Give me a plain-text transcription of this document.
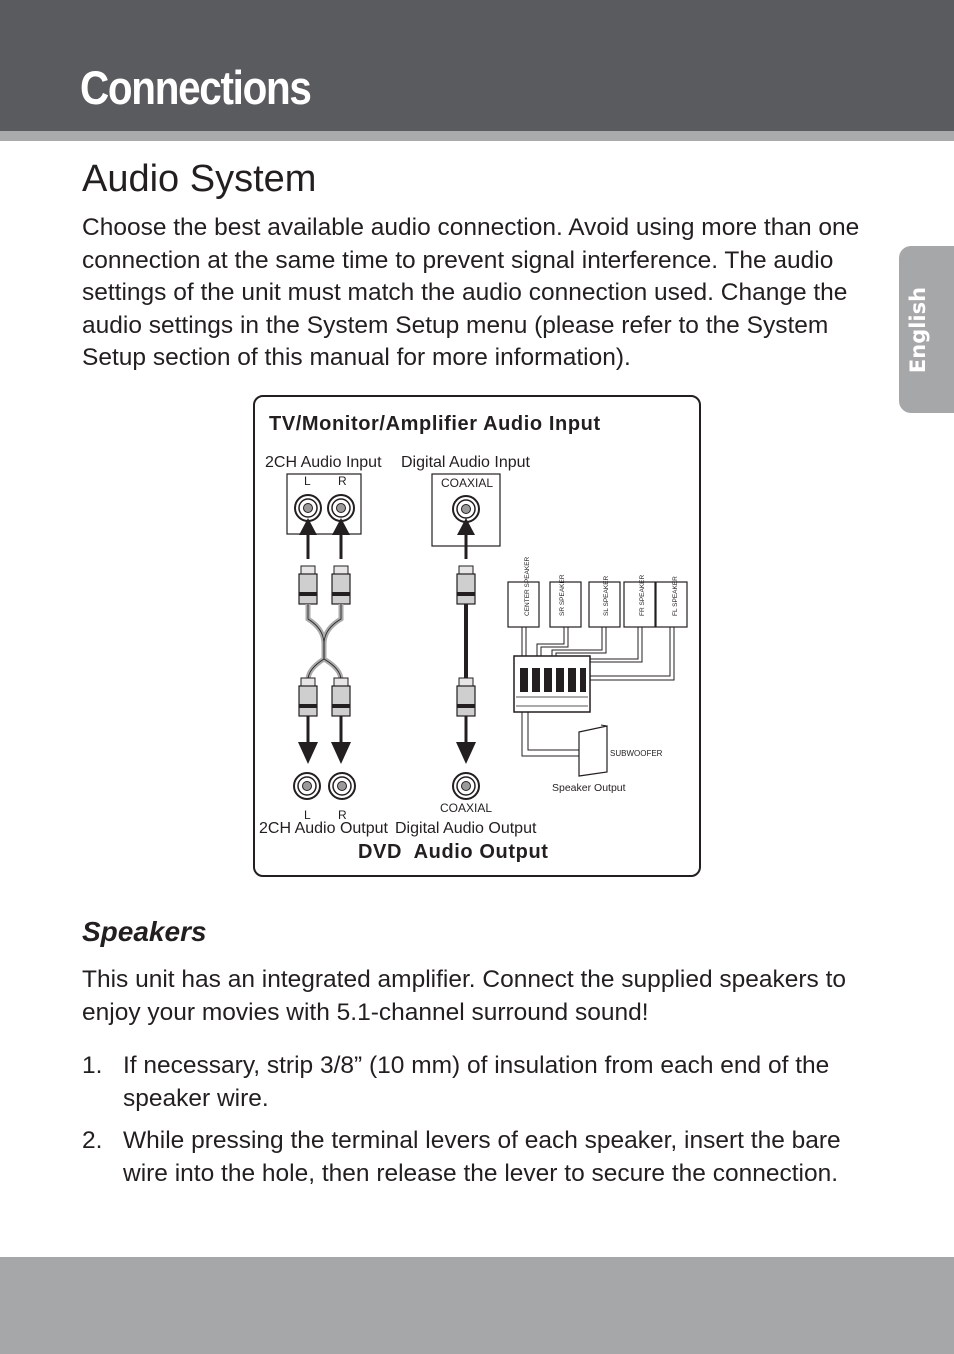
Connections
English
Audio System

Choose the best available audio connection. Avoid using more than one connection at the same time to prevent signal interference. The audio settings of the unit must match the audio connection used. Change the audio settings in the System Setup menu (please refer to the System Setup section of this manual for more information).

TV/Monitor/Amplifier Audio Input
2CH Audio Input Digital Audio Input
L R	COAXIAL
L R	COAXIAL
2CH Audio Output Digital Audio Output
DVD  Audio Output
CENTER SPEAKER	SR SPEAKER	SL SPEAKER	FR SPEAKER	FL SPEAKER
SUBWOOFER
Speaker Output
Speakers

This unit has an integrated amplifier. Connect the supplied speakers to enjoy your movies with 5.1-channel surround sound!

1. If necessary, strip 3/8” (10 mm) of insulation from each end of the speaker wire.
2. While pressing the terminal levers of each speaker, insert the bare wire into the hole, then release the lever to secure the connection.
